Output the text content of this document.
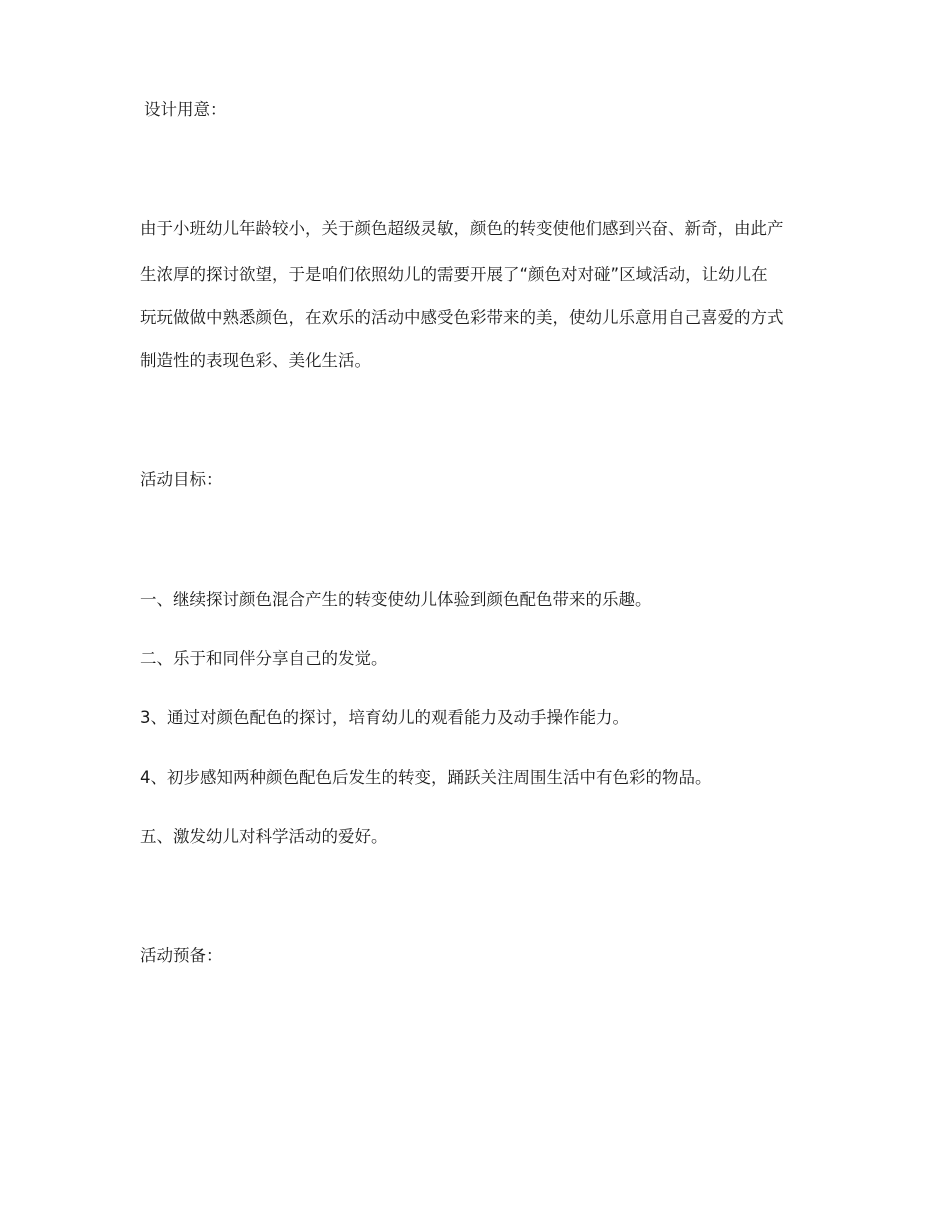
设计用意：
由于小班幼儿年龄较小，关于颜色超级灵敏，颜色的转变使他们感到兴奋、新奇，由此产
生浓厚的探讨欲望，于是咱们依照幼儿的需要开展了“颜色对对碰”区域活动，让幼儿在
玩玩做做中熟悉颜色，在欢乐的活动中感受色彩带来的美，使幼儿乐意用自己喜爱的方式
制造性的表现色彩、美化生活。
活动目标：
一、继续探讨颜色混合产生的转变使幼儿体验到颜色配色带来的乐趣。
二、乐于和同伴分享自己的发觉。
3、通过对颜色配色的探讨，培育幼儿的观看能力及动手操作能力。
4、初步感知两种颜色配色后发生的转变，踊跃关注周围生活中有色彩的物品。
五、激发幼儿对科学活动的爱好。
活动预备：
